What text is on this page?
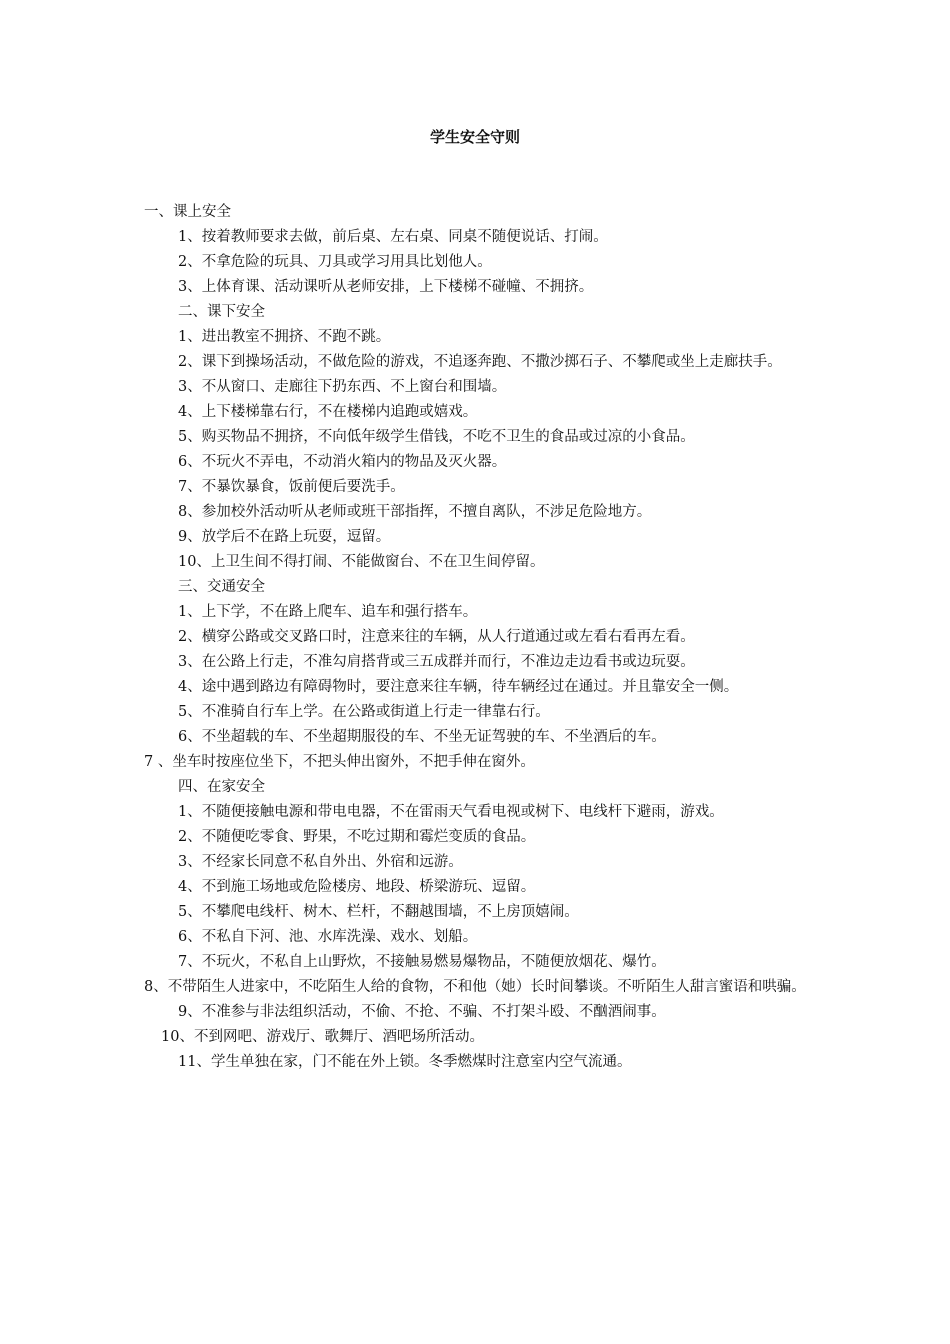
学生安全守则
一、课上安全
1、按着教师要求去做，前后桌、左右桌、同桌不随便说话、打闹。
2、不拿危险的玩具、刀具或学习用具比划他人。
3、上体育课、活动课听从老师安排，上下楼梯不碰幢、不拥挤。
二、课下安全
1、进出教室不拥挤、不跑不跳。
2、课下到操场活动，不做危险的游戏，不追逐奔跑、不撒沙掷石子、不攀爬或坐上走廊扶手。
3、不从窗口、走廊往下扔东西、不上窗台和围墙。
4、上下楼梯靠右行，不在楼梯内追跑或嬉戏。
5、购买物品不拥挤，不向低年级学生借钱，不吃不卫生的食品或过凉的小食品。
6、不玩火不弄电，不动消火箱内的物品及灭火器。
7、不暴饮暴食，饭前便后要洗手。
8、参加校外活动听从老师或班干部指挥，不擅自离队，不涉足危险地方。
9、放学后不在路上玩耍，逗留。
10、上卫生间不得打闹、不能做窗台、不在卫生间停留。
三、交通安全
1、上下学，不在路上爬车、追车和强行搭车。
2、横穿公路或交叉路口时，注意来往的车辆，从人行道通过或左看右看再左看。
3、在公路上行走，不准勾肩搭背或三五成群并而行，不准边走边看书或边玩耍。
4、途中遇到路边有障碍物时，要注意来往车辆，待车辆经过在通过。并且靠安全一侧。
5、不准骑自行车上学。在公路或街道上行走一律靠右行。
6、不坐超载的车、不坐超期服役的车、不坐无证驾驶的车、不坐酒后的车。
7 、坐车时按座位坐下，不把头伸出窗外，不把手伸在窗外。
四、在家安全
1、不随便接触电源和带电电器，不在雷雨天气看电视或树下、电线杆下避雨，游戏。
2、不随便吃零食、野果，不吃过期和霉烂变质的食品。
3、不经家长同意不私自外出、外宿和远游。
4、不到施工场地或危险楼房、地段、桥梁游玩、逗留。
5、不攀爬电线杆、树木、栏杆，不翻越围墙，不上房顶嬉闹。
6、不私自下河、池、水库洗澡、戏水、划船。
7、不玩火，不私自上山野炊，不接触易燃易爆物品，不随便放烟花、爆竹。
8、不带陌生人进家中，不吃陌生人给的食物，不和他（她）长时间攀谈。不听陌生人甜言蜜语和哄骗。
9、不准参与非法组织活动，不偷、不抢、不骗、不打架斗殴、不酗酒闹事。
10、不到网吧、游戏厅、歌舞厅、酒吧场所活动。
11、学生单独在家，门不能在外上锁。冬季燃煤时注意室内空气流通。
